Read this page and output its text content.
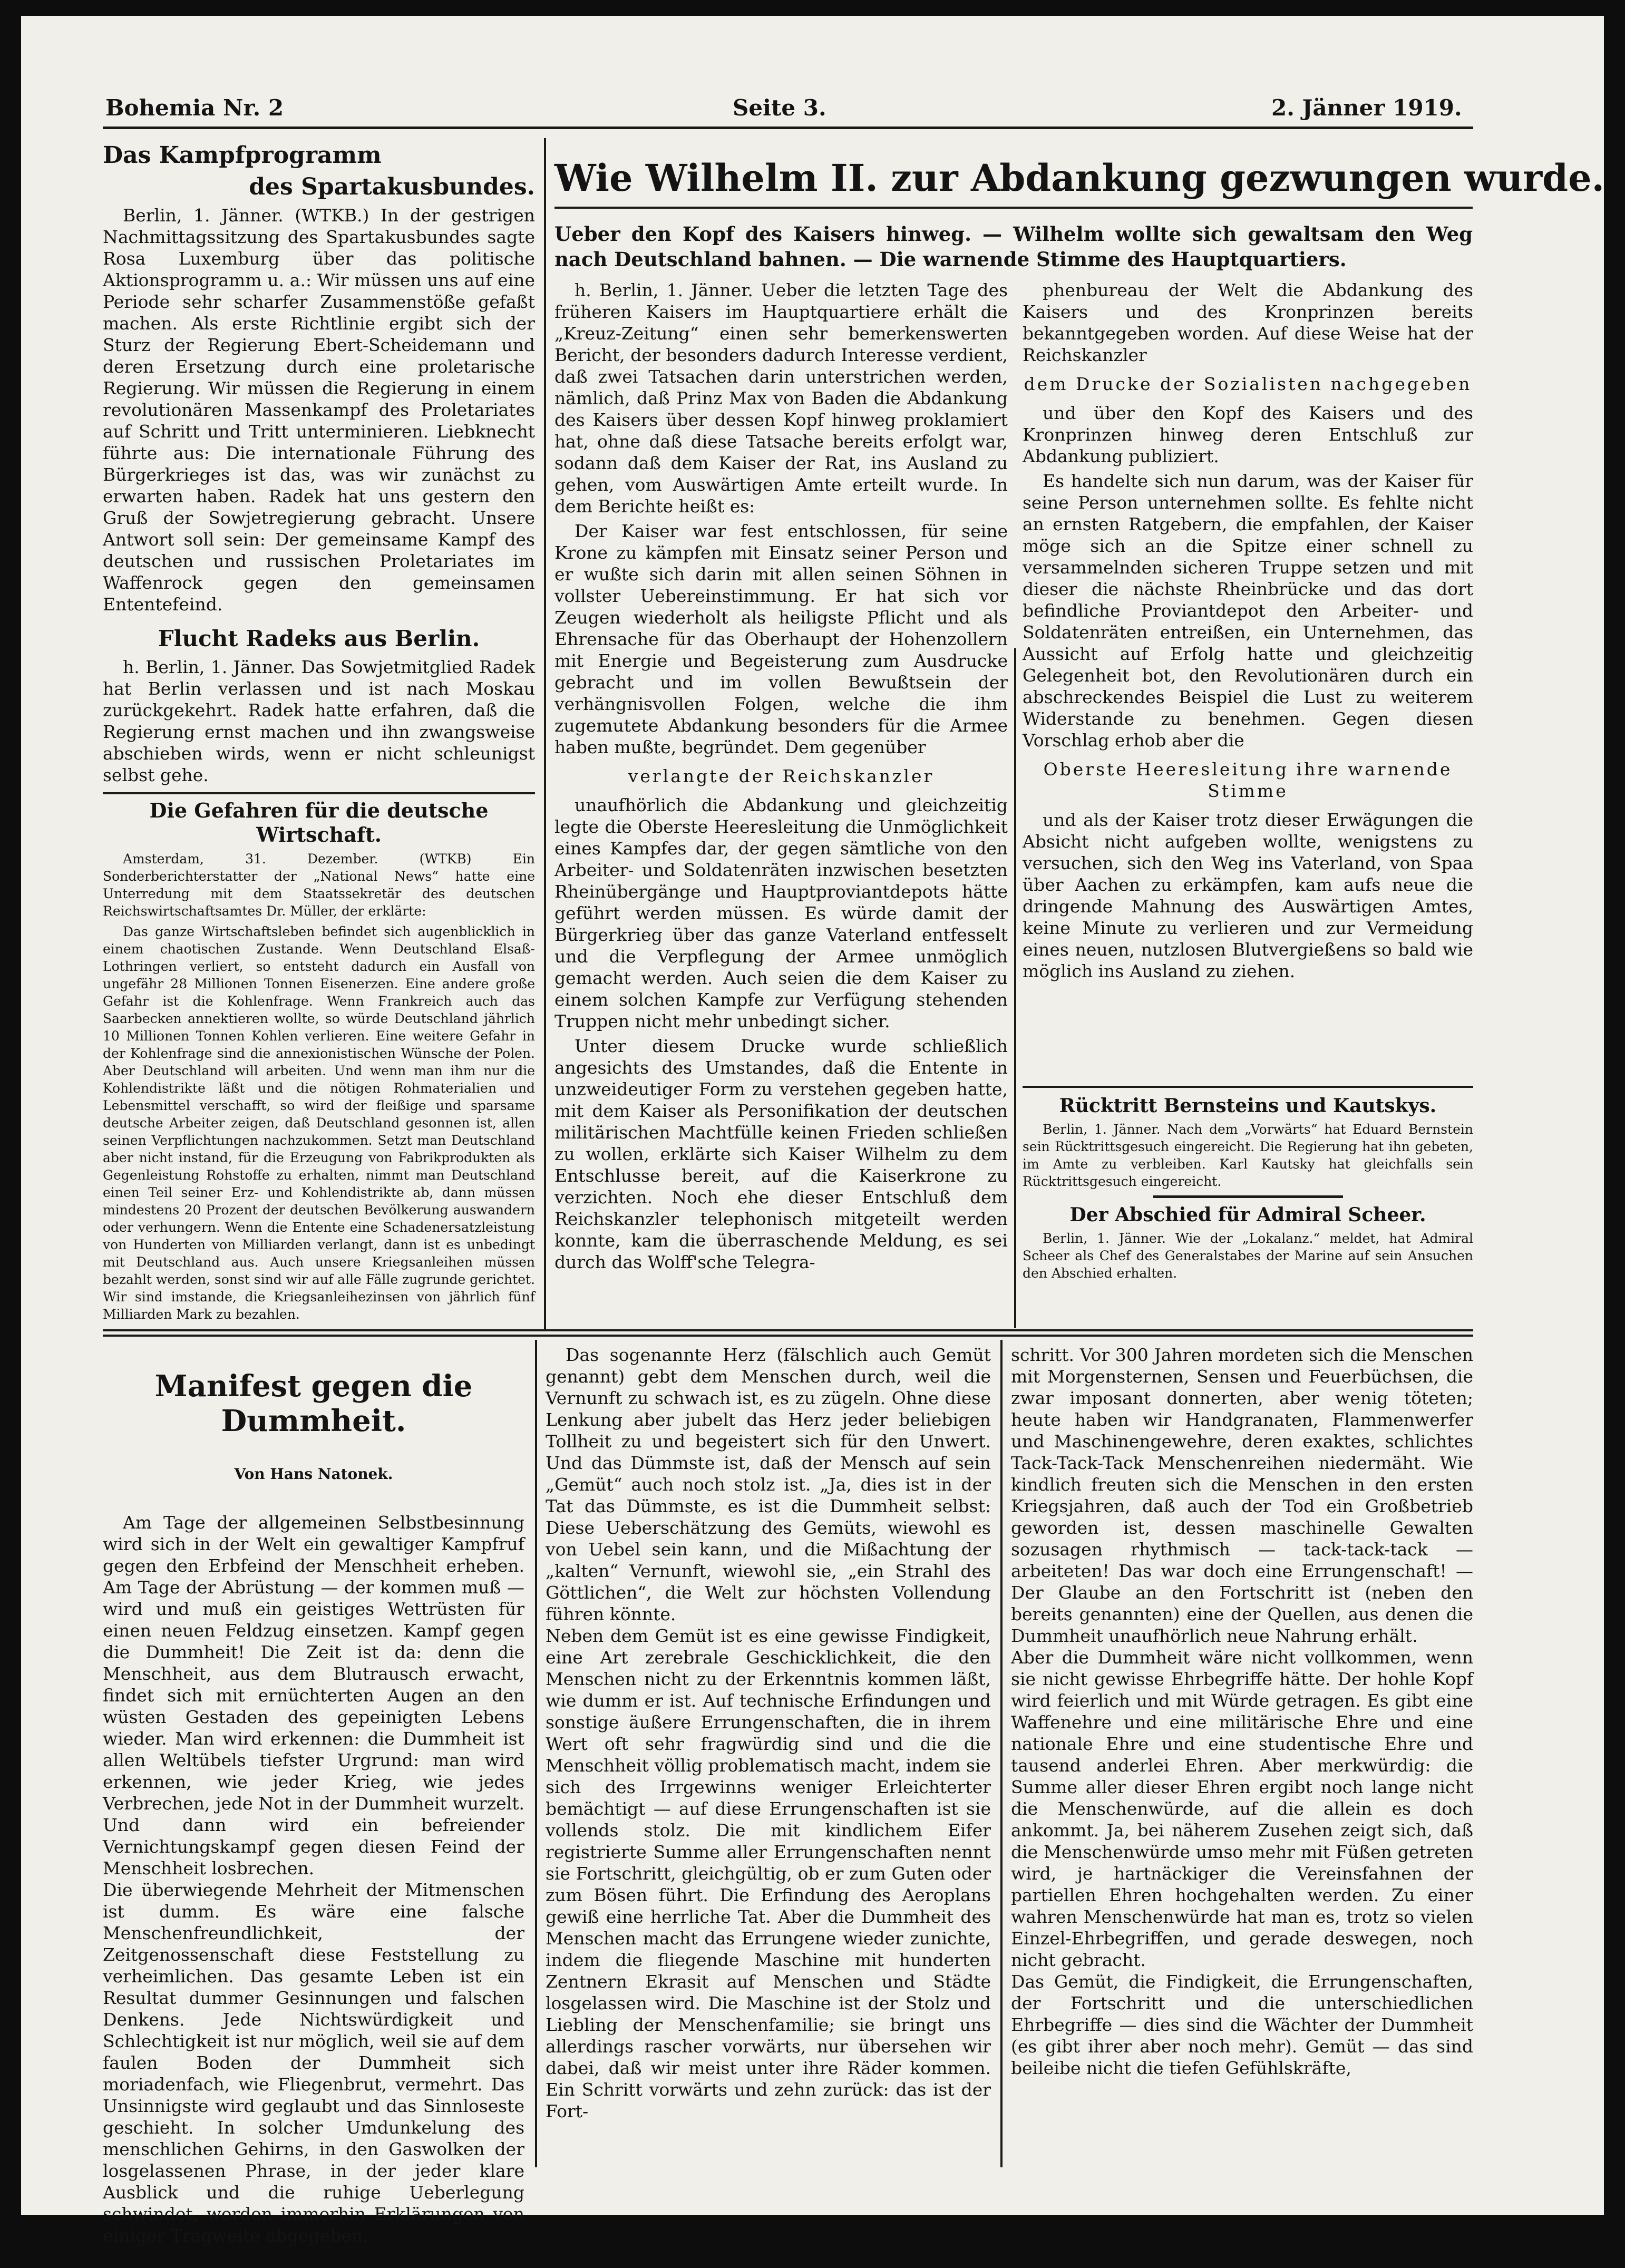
Bohemia Nr. 2	Seite 3.	2. Jänner 1919.
Das Kampfprogramm
des Spartakusbundes.

Berlin, 1. Jänner. (WTKB.) In der gestrigen Nachmittagssitzung des Spartakusbundes sagte Rosa Luxemburg über das politische Aktionsprogramm u. a.: Wir müssen uns auf eine Periode sehr scharfer Zusammenstöße gefaßt machen. Als erste Richtlinie ergibt sich der Sturz der Regierung Ebert-Scheidemann und deren Ersetzung durch eine proletarische Regierung. Wir müssen die Regierung in einem revolutionären Massenkampf des Proletariates auf Schritt und Tritt unterminieren. Liebknecht führte aus: Die internationale Führung des Bürgerkrieges ist das, was wir zunächst zu erwarten haben. Radek hat uns gestern den Gruß der Sowjetregierung gebracht. Unsere Antwort soll sein: Der gemeinsame Kampf des deutschen und russischen Proletariates im Waffenrock gegen den gemeinsamen Ententefeind.

Flucht Radeks aus Berlin.

h. Berlin, 1. Jänner. Das Sowjetmitglied Radek hat Berlin verlassen und ist nach Moskau zurückgekehrt. Radek hatte erfahren, daß die Regierung ernst machen und ihn zwangsweise abschieben wirds, wenn er nicht schleunigst selbst gehe.

Die Gefahren für die deutsche Wirtschaft.

Amsterdam, 31. Dezember. (WTKB) Ein Sonderberichterstatter der „National News“ hatte eine Unterredung mit dem Staatssekretär des deutschen Reichswirtschaftsamtes Dr. Müller, der erklärte:

Das ganze Wirtschaftsleben befindet sich augenblicklich in einem chaotischen Zustande. Wenn Deutschland Elsaß-Lothringen verliert, so entsteht dadurch ein Ausfall von ungefähr 28 Millionen Tonnen Eisenerzen. Eine andere große Gefahr ist die Kohlenfrage. Wenn Frankreich auch das Saarbecken annektieren wollte, so würde Deutschland jährlich 10 Millionen Tonnen Kohlen verlieren. Eine weitere Gefahr in der Kohlenfrage sind die annexionistischen Wünsche der Polen. Aber Deutschland will arbeiten. Und wenn man ihm nur die Kohlendistrikte läßt und die nötigen Rohmaterialien und Lebensmittel verschafft, so wird der fleißige und sparsame deutsche Arbeiter zeigen, daß Deutschland gesonnen ist, allen seinen Verpflichtungen nachzukommen. Setzt man Deutschland aber nicht instand, für die Erzeugung von Fabrikprodukten als Gegenleistung Rohstoffe zu erhalten, nimmt man Deutschland einen Teil seiner Erz- und Kohlendistrikte ab, dann müssen mindestens 20 Prozent der deutschen Bevölkerung auswandern oder verhungern. Wenn die Entente eine Schadenersatzleistung von Hunderten von Milliarden verlangt, dann ist es unbedingt mit Deutschland aus. Auch unsere Kriegsanleihen müssen bezahlt werden, sonst sind wir auf alle Fälle zugrunde gerichtet. Wir sind imstande, die Kriegsanleihezinsen von jährlich fünf Milliarden Mark zu bezahlen.

Wie Wilhelm II. zur Abdankung gezwungen wurde.
Ueber den Kopf des Kaisers hinweg. — Wilhelm wollte sich gewaltsam den Weg nach Deutschland bahnen. — Die warnende Stimme des Hauptquartiers.

h. Berlin, 1. Jänner. Ueber die letzten Tage des früheren Kaisers im Hauptquartiere erhält die „Kreuz-Zeitung“ einen sehr bemerkenswerten Bericht, der besonders dadurch Interesse verdient, daß zwei Tatsachen darin unterstrichen werden, nämlich, daß Prinz Max von Baden die Abdankung des Kaisers über dessen Kopf hinweg proklamiert hat, ohne daß diese Tatsache bereits erfolgt war, sodann daß dem Kaiser der Rat, ins Ausland zu gehen, vom Auswärtigen Amte erteilt wurde. In dem Berichte heißt es:

Der Kaiser war fest entschlossen, für seine Krone zu kämpfen mit Einsatz seiner Person und er wußte sich darin mit allen seinen Söhnen in vollster Uebereinstimmung. Er hat sich vor Zeugen wiederholt als heiligste Pflicht und als Ehrensache für das Oberhaupt der Hohenzollern mit Energie und Begeisterung zum Ausdrucke gebracht und im vollen Bewußtsein der verhängnisvollen Folgen, welche die ihm zugemutete Abdankung besonders für die Armee haben mußte, begründet. Dem gegenüber

verlangte der Reichskanzler

unaufhörlich die Abdankung und gleichzeitig legte die Oberste Heeresleitung die Unmöglichkeit eines Kampfes dar, der gegen sämtliche von den Arbeiter- und Soldatenräten inzwischen besetzten Rheinübergänge und Hauptproviantdepots hätte geführt werden müssen. Es würde damit der Bürgerkrieg über das ganze Vaterland entfesselt und die Verpflegung der Armee unmöglich gemacht werden. Auch seien die dem Kaiser zu einem solchen Kampfe zur Verfügung stehenden Truppen nicht mehr unbedingt sicher.

Unter diesem Drucke wurde schließlich angesichts des Umstandes, daß die Entente in unzweideutiger Form zu verstehen gegeben hatte, mit dem Kaiser als Personifikation der deutschen militärischen Machtfülle keinen Frieden schließen zu wollen, erklärte sich Kaiser Wilhelm zu dem Entschlusse bereit, auf die Kaiserkrone zu verzichten. Noch ehe dieser Entschluß dem Reichskanzler telephonisch mitgeteilt werden konnte, kam die überraschende Meldung, es sei durch das Wolff'sche Telegra-

phenbureau der Welt die Abdankung des Kaisers und des Kronprinzen bereits bekanntgegeben worden. Auf diese Weise hat der Reichskanzler

dem Drucke der Sozialisten nachgegeben

und über den Kopf des Kaisers und des Kronprinzen hinweg deren Entschluß zur Abdankung publiziert.

Es handelte sich nun darum, was der Kaiser für seine Person unternehmen sollte. Es fehlte nicht an ernsten Ratgebern, die empfahlen, der Kaiser möge sich an die Spitze einer schnell zu versammelnden sicheren Truppe setzen und mit dieser die nächste Rheinbrücke und das dort befindliche Proviantdepot den Arbeiter- und Soldatenräten entreißen, ein Unternehmen, das Aussicht auf Erfolg hatte und gleichzeitig Gelegenheit bot, den Revolutionären durch ein abschreckendes Beispiel die Lust zu weiterem Widerstande zu benehmen. Gegen diesen Vorschlag erhob aber die

Oberste Heeresleitung ihre warnende Stimme

und als der Kaiser trotz dieser Erwägungen die Absicht nicht aufgeben wollte, wenigstens zu versuchen, sich den Weg ins Vaterland, von Spaa über Aachen zu erkämpfen, kam aufs neue die dringende Mahnung des Auswärtigen Amtes, keine Minute zu verlieren und zur Vermeidung eines neuen, nutzlosen Blutvergießens so bald wie möglich ins Ausland zu ziehen.

Rücktritt Bernsteins und Kautskys.

Berlin, 1. Jänner. Nach dem „Vorwärts“ hat Eduard Bernstein sein Rücktrittsgesuch eingereicht. Die Regierung hat ihn gebeten, im Amte zu verbleiben. Karl Kautsky hat gleichfalls sein Rücktrittsgesuch eingereicht.

Der Abschied für Admiral Scheer.

Berlin, 1. Jänner. Wie der „Lokalanz.“ meldet, hat Admiral Scheer als Chef des Generalstabes der Marine auf sein Ansuchen den Abschied erhalten.

Manifest gegen die Dummheit.

Von Hans Natonek.

Am Tage der allgemeinen Selbstbesinnung wird sich in der Welt ein gewaltiger Kampfruf gegen den Erbfeind der Menschheit erheben. Am Tage der Abrüstung — der kommen muß — wird und muß ein geistiges Wettrüsten für einen neuen Feldzug einsetzen. Kampf gegen die Dummheit! Die Zeit ist da: denn die Menschheit, aus dem Blutrausch erwacht, findet sich mit ernüchterten Augen an den wüsten Gestaden des gepeinigten Lebens wieder. Man wird erkennen: die Dummheit ist allen Weltübels tiefster Urgrund: man wird erkennen, wie jeder Krieg, wie jedes Verbrechen, jede Not in der Dummheit wurzelt. Und dann wird ein befreiender Vernichtungskampf gegen diesen Feind der Menschheit losbrechen.
Die überwiegende Mehrheit der Mitmenschen ist dumm. Es wäre eine falsche Menschenfreundlichkeit, der Zeitgenossenschaft diese Feststellung zu verheimlichen. Das gesamte Leben ist ein Resultat dummer Gesinnungen und falschen Denkens. Jede Nichtswürdigkeit und Schlechtigkeit ist nur möglich, weil sie auf dem faulen Boden der Dummheit sich moriadenfach, wie Fliegenbrut, vermehrt. Das Unsinnigste wird geglaubt und das Sinnloseste geschieht. In solcher Umdunkelung des menschlichen Gehirns, in den Gaswolken der losgelassenen Phrase, in der jeder klare Ausblick und die ruhige Ueberlegung schwindet, werden immerhin Erklärungen von einiger Tragweite abgegeben.

Das sogenannte Herz (fälschlich auch Gemüt genannt) gebt dem Menschen durch, weil die Vernunft zu schwach ist, es zu zügeln. Ohne diese Lenkung aber jubelt das Herz jeder beliebigen Tollheit zu und begeistert sich für den Unwert. Und das Dümmste ist, daß der Mensch auf sein „Gemüt“ auch noch stolz ist. „Ja, dies ist in der Tat das Dümmste, es ist die Dummheit selbst: Diese Ueberschätzung des Gemüts, wiewohl es von Uebel sein kann, und die Mißachtung der „kalten“ Vernunft, wiewohl sie, „ein Strahl des Göttlichen“, die Welt zur höchsten Vollendung führen könnte.
Neben dem Gemüt ist es eine gewisse Findigkeit, eine Art zerebrale Geschicklichkeit, die den Menschen nicht zu der Erkenntnis kommen läßt, wie dumm er ist. Auf technische Erfindungen und sonstige äußere Errungenschaften, die in ihrem Wert oft sehr fragwürdig sind und die die Menschheit völlig problematisch macht, indem sie sich des Irrgewinns weniger Erleichterter bemächtigt — auf diese Errungenschaften ist sie vollends stolz. Die mit kindlichem Eifer registrierte Summe aller Errungenschaften nennt sie Fortschritt, gleichgültig, ob er zum Guten oder zum Bösen führt. Die Erfindung des Aeroplans gewiß eine herrliche Tat. Aber die Dummheit des Menschen macht das Errungene wieder zunichte, indem die fliegende Maschine mit hunderten Zentnern Ekrasit auf Menschen und Städte losgelassen wird. Die Maschine ist der Stolz und Liebling der Menschenfamilie; sie bringt uns allerdings rascher vorwärts, nur übersehen wir dabei, daß wir meist unter ihre Räder kommen. Ein Schritt vorwärts und zehn zurück: das ist der Fort-
schritt. Vor 300 Jahren mordeten sich die Menschen mit Morgensternen, Sensen und Feuerbüchsen, die zwar imposant donnerten, aber wenig töteten; heute haben wir Handgranaten, Flammenwerfer und Maschinengewehre, deren exaktes, schlichtes Tack-Tack-Tack Menschenreihen niedermäht. Wie kindlich freuten sich die Menschen in den ersten Kriegsjahren, daß auch der Tod ein Großbetrieb geworden ist, dessen maschinelle Gewalten sozusagen rhythmisch — tack-tack-tack — arbeiteten! Das war doch eine Errungenschaft! — Der Glaube an den Fortschritt ist (neben den bereits genannten) eine der Quellen, aus denen die Dummheit unaufhörlich neue Nahrung erhält.
Aber die Dummheit wäre nicht vollkommen, wenn sie nicht gewisse Ehrbegriffe hätte. Der hohle Kopf wird feierlich und mit Würde getragen. Es gibt eine Waffenehre und eine militärische Ehre und eine nationale Ehre und eine studentische Ehre und tausend anderlei Ehren. Aber merkwürdig: die Summe aller dieser Ehren ergibt noch lange nicht die Menschenwürde, auf die allein es doch ankommt. Ja, bei näherem Zusehen zeigt sich, daß die Menschenwürde umso mehr mit Füßen getreten wird, je hartnäckiger die Vereinsfahnen der partiellen Ehren hochgehalten werden. Zu einer wahren Menschenwürde hat man es, trotz so vielen Einzel-Ehrbegriffen, und gerade deswegen, noch nicht gebracht.
Das Gemüt, die Findigkeit, die Errungenschaften, der Fortschritt und die unterschiedlichen Ehrbegriffe — dies sind die Wächter der Dummheit (es gibt ihrer aber noch mehr). Gemüt — das sind beileibe nicht die tiefen Gefühlskräfte,
